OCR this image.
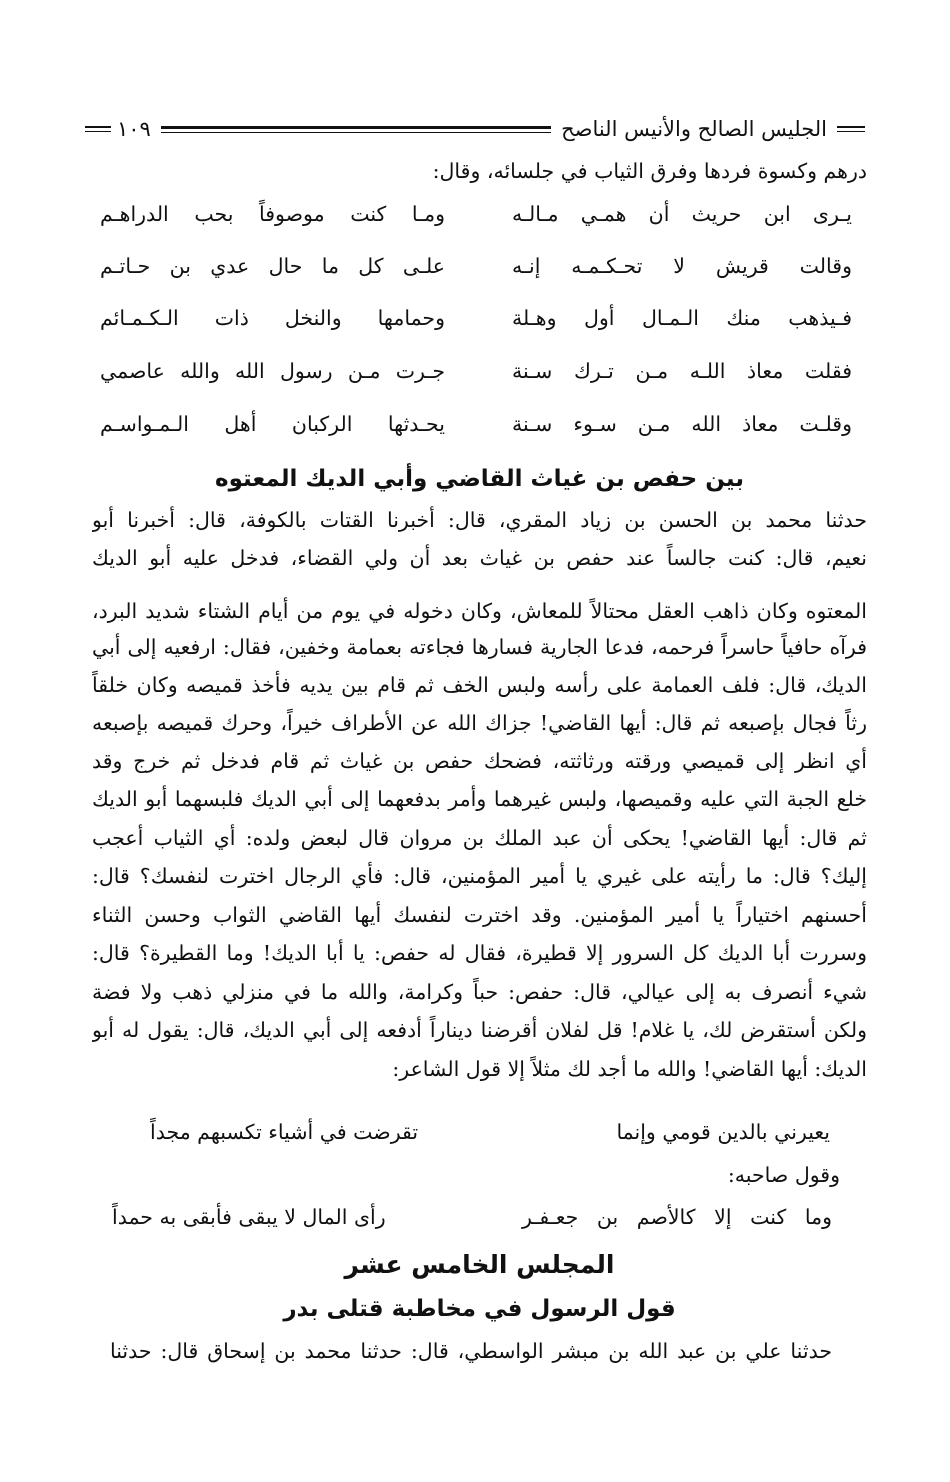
الجليس الصالح والأنيس الناصح
١٠٩
درهم وكسوة فردها وفرق الثياب في جلسائه، وقال:
يـرى ابن حريث أن همـي مـالـه
ومـا كنت موصوفاً بحب الدراهـم
وقالت قريش لا تحـكـمـه إنـه
علـى كل ما حال عدي بن حـاتـم
فـيذهب منك الـمـال أول وهـلة
وحمامها والنخل ذات الـكـمـائم
فقلت معاذ اللـه مـن تـرك سـنة
جـرت مـن رسول الله والله عاصمي
وقلـت معاذ الله مـن سـوء سـنة
يحـدثها الركبان أهل الـمـواسـم
بين حفص بن غياث القاضي وأبي الديك المعتوه
حدثنا محمد بن الحسن بن زياد المقري، قال: أخبرنا القتات بالكوفة، قال: أخبرنا أبو
نعيم، قال: كنت جالساً عند حفص بن غياث بعد أن ولي القضاء، فدخل عليه أبو الديك
المعتوه وكان ذاهب العقل محتالاً للمعاش، وكان دخوله في يوم من أيام الشتاء شديد البرد،
فرآه حافياً حاسراً فرحمه، فدعا الجارية فسارها فجاءته بعمامة وخفين، فقال: ارفعيه إلى أبي
الديك، قال: فلف العمامة على رأسه ولبس الخف ثم قام بين يديه فأخذ قميصه وكان خلقاً
رثاً فجال بإصبعه ثم قال: أيها القاضي! جزاك الله عن الأطراف خيراً، وحرك قميصه بإصبعه
أي انظر إلى قميصي ورقته ورثاثته، فضحك حفص بن غياث ثم قام فدخل ثم خرج وقد
خلع الجبة التي عليه وقميصها، ولبس غيرهما وأمر بدفعهما إلى أبي الديك فلبسهما أبو الديك
ثم قال: أيها القاضي! يحكى أن عبد الملك بن مروان قال لبعض ولده: أي الثياب أعجب
إليك؟ قال: ما رأيته على غيري يا أمير المؤمنين، قال: فأي الرجال اخترت لنفسك؟ قال:
أحسنهم اختياراً يا أمير المؤمنين. وقد اخترت لنفسك أيها القاضي الثواب وحسن الثناء
وسررت أبا الديك كل السرور إلا قطيرة، فقال له حفص: يا أبا الديك! وما القطيرة؟ قال:
شيء أنصرف به إلى عيالي، قال: حفص: حباً وكرامة، والله ما في منزلي ذهب ولا فضة
ولكن أستقرض لك، يا غلام! قل لفلان أقرضنا ديناراً أدفعه إلى أبي الديك، قال: يقول له أبو
الديك: أيها القاضي! والله ما أجد لك مثلاً إلا قول الشاعر:
يعيرني بالدين قومي وإنما
تقرضت في أشياء تكسبهم مجداً
وقول صاحبه:
وما كنت إلا كالأصم بن جعـفـر
رأى المال لا يبقى فأبقى به حمداً
المجلس الخامس عشر
قول الرسول في مخاطبة قتلى بدر
حدثنا علي بن عبد الله بن مبشر الواسطي، قال: حدثنا محمد بن إسحاق قال: حدثنا
